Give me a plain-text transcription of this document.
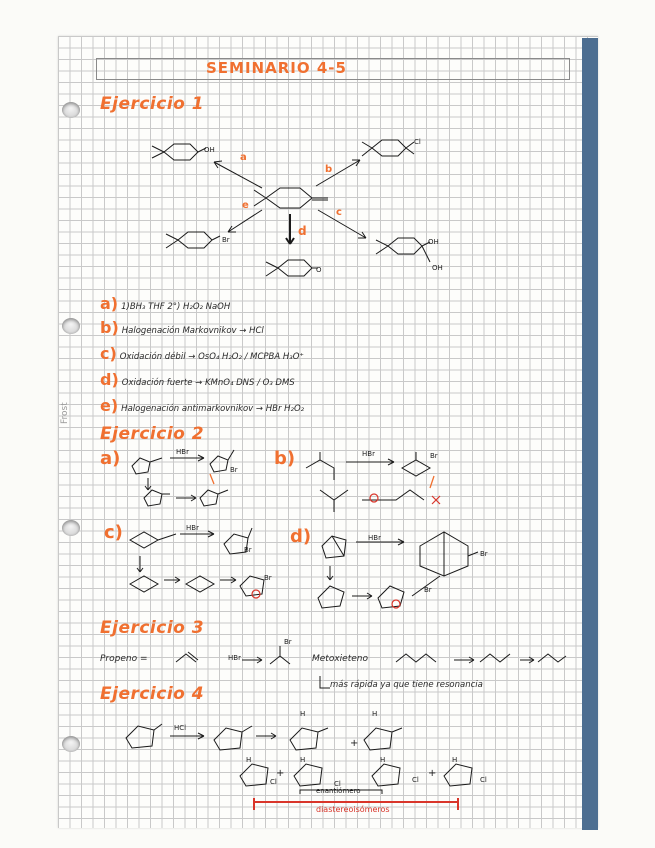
Frost
SEMINARIO 4-5
Ejercicio 1
a
b
c
d
e
OH
Cl
Br	OH
OH
O
a) 1)BH₃ THF 2°) H₂O₂ NaOH
b) Halogenación Markovnikov → HCl
c) Oxidación débil → OsO₄ H₂O₂ / MCPBA H₃O⁺
d) Oxidación fuerte → KMnO₄ DNS / O₃ DMS
e) Halogenación antimarkovnikov → HBr H₂O₂
Ejercicio 2
a)	b)
c)	d)
HBr	HBr
HBr
HBr
Br
Br
Br
Br
Br
Br
Ejercicio 3
Propeno =	HBr
Br
Metoxieteno
más rápida ya que tiene resonancia
Ejercicio 4
HCl
+
+	+
Cl	Cl	Cl	Cl
H	H
H	H	H	H
enantiómero
diastereoisómeros
